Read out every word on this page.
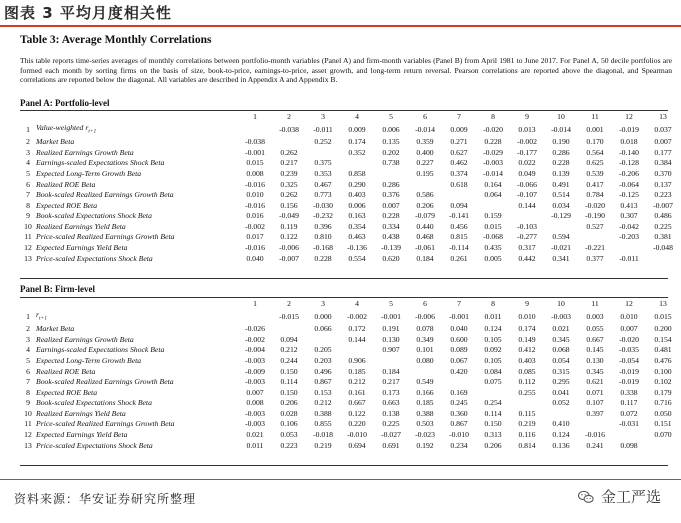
图表 3 平均月度相关性
Table 3: Average Monthly Correlations

This table reports time-series averages of monthly correlations between portfolio-month variables (Panel A) and firm-month variables (Panel B) from April 1981 to June 2017. For Panel A, 50 decile portfolios are formed each month by sorting firms on the basis of size, book-to-price, earnings-to-price, asset growth, and long-term return reversal. Pearson correlations are reported above the diagonal, and Spearman correlations are reported below the diagonal. All variables are described in Appendix A and Appendix B.

Panel A: Portfolio-level
		1	2	3	4	5	6	7	8	9	10	11	12	13
1	Value-weighted $r_{t+1}$		-0.038	-0.011	0.009	0.006	-0.014	0.009	-0.020	0.013	-0.014	0.001	-0.019	0.037
2	Market Beta	-0.038		0.252	0.174	0.135	0.359	0.271	0.228	-0.002	0.190	0.170	0.018	0.007
3	Realized Earnings Growth Beta	-0.001	0.262		0.352	0.202	0.400	0.627	-0.029	-0.177	0.286	0.564	-0.140	0.177
4	Earnings-scaled Expectations Shock Beta	0.015	0.217	0.375		0.738	0.227	0.462	-0.003	0.022	0.228	0.625	-0.128	0.384
5	Expected Long-Term Growth Beta	0.008	0.239	0.353	0.858		0.195	0.374	-0.014	0.049	0.139	0.539	-0.206	0.370
6	Realized ROE Beta	-0.016	0.325	0.467	0.290	0.286		0.618	0.164	-0.066	0.491	0.417	-0.064	0.137
7	Book-scaled Realized Earnings Growth Beta	0.010	0.262	0.773	0.403	0.376	0.586		0.064	-0.107	0.514	0.784	-0.125	0.223
8	Expected ROE Beta	-0.016	0.156	-0.030	0.006	0.007	0.206	0.094		0.144	0.034	-0.020	0.413	-0.007
9	Book-scaled Expectations Shock Beta	0.016	-0.049	-0.232	0.163	0.228	-0.079	-0.141	0.159		-0.129	-0.190	0.307	0.486
10	Realized Earnings Yield Beta	-0.002	0.119	0.396	0.354	0.334	0.440	0.456	0.015	-0.103		0.527	-0.042	0.225
11	Price-scaled Realized Earnings Growth Beta	0.017	0.122	0.810	0.463	0.438	0.468	0.815	-0.068	-0.277	0.594		-0.203	0.381
12	Expected Earnings Yield Beta	-0.016	-0.006	-0.168	-0.136	-0.139	-0.061	-0.114	0.435	0.317	-0.021	-0.221		-0.048
13	Price-scaled Expectations Shock Beta	0.040	-0.007	0.228	0.554	0.620	0.184	0.261	0.005	0.442	0.341	0.377	-0.011	
Panel B: Firm-level
		1	2	3	4	5	6	7	8	9	10	11	12	13
1	$r_{t+1}$		-0.015	0.000	-0.002	-0.001	-0.006	-0.001	0.011	0.010	-0.003	0.003	0.010	0.015
2	Market Beta	-0.026		0.066	0.172	0.191	0.078	0.040	0.124	0.174	0.021	0.055	0.007	0.200
3	Realized Earnings Growth Beta	-0.002	0.094		0.144	0.130	0.349	0.600	0.105	0.149	0.345	0.667	-0.020	0.154
4	Earnings-scaled Expectations Shock Beta	-0.004	0.212	0.205		0.907	0.101	0.089	0.092	0.412	0.068	0.145	-0.035	0.481
5	Expected Long-Term Growth Beta	-0.003	0.244	0.203	0.906		0.080	0.067	0.105	0.403	0.054	0.130	-0.054	0.476
6	Realized ROE Beta	-0.009	0.150	0.496	0.185	0.184		0.420	0.084	0.085	0.315	0.345	-0.019	0.100
7	Book-scaled Realized Earnings Growth Beta	-0.003	0.114	0.867	0.212	0.217	0.549		0.075	0.112	0.295	0.621	-0.019	0.102
8	Expected ROE Beta	0.007	0.150	0.153	0.161	0.173	0.166	0.169		0.255	0.041	0.071	0.338	0.179
9	Book-scaled Expectations Shock Beta	0.008	0.206	0.212	0.667	0.663	0.185	0.245	0.254		0.052	0.107	0.117	0.716
10	Realized Earnings Yield Beta	-0.003	0.028	0.388	0.122	0.138	0.388	0.360	0.114	0.115		0.397	0.072	0.050
11	Price-scaled Realized Earnings Growth Beta	-0.003	0.106	0.855	0.220	0.225	0.503	0.867	0.150	0.219	0.410		-0.031	0.151
12	Expected Earnings Yield Beta	0.021	0.053	-0.018	-0.010	-0.027	-0.023	-0.010	0.313	0.116	0.124	-0.016		0.070
13	Price-scaled Expectations Shock Beta	0.011	0.223	0.219	0.694	0.691	0.192	0.234	0.206	0.814	0.136	0.241	0.098	
资料来源：华安证券研究所整理	金工严选
